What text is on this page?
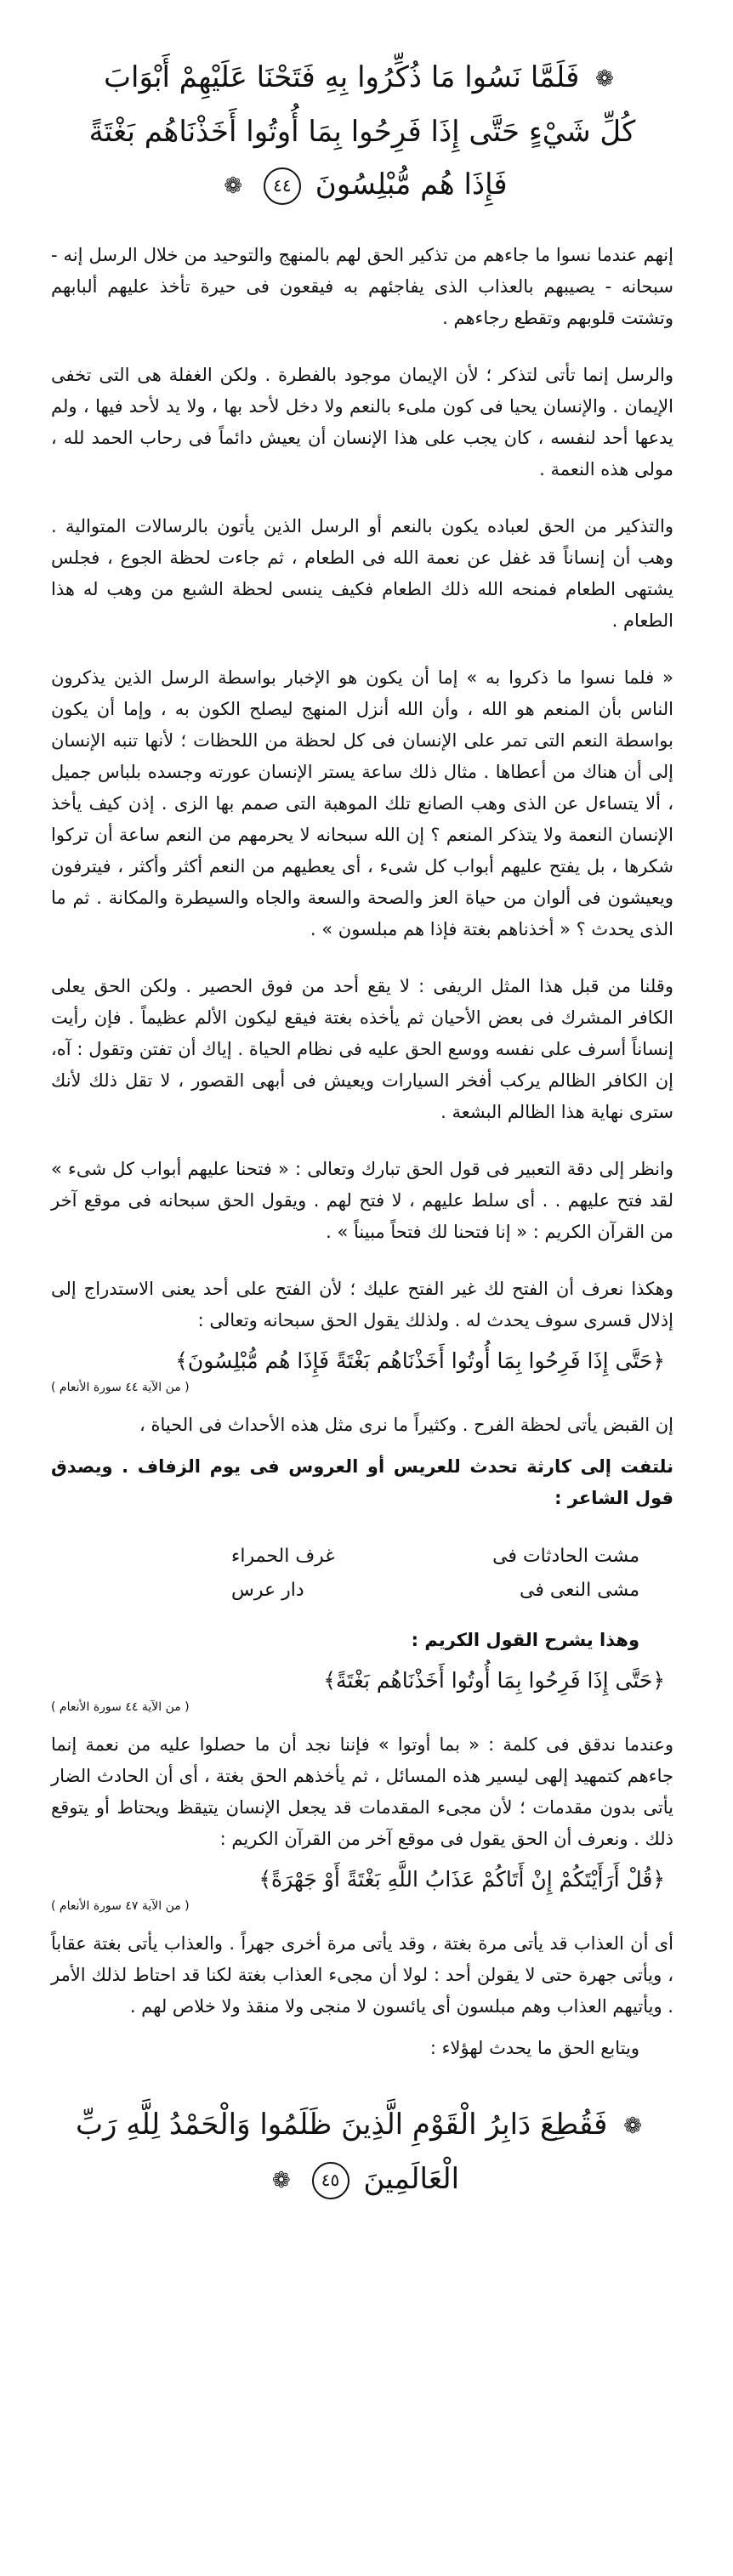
❁ فَلَمَّا نَسُوا مَا ذُكِّرُوا بِهِ فَتَحْنَا عَلَيْهِمْ أَبْوَابَ
كُلِّ شَيْءٍ حَتَّى إِذَا فَرِحُوا بِمَا أُوتُوا أَخَذْنَاهُم بَغْتَةً
فَإِذَا هُم مُّبْلِسُونَ ٤٤ ❁

إنهم عندما نسوا ما جاءهم من تذكير الحق لهم بالمنهج والتوحيد من خلال الرسل إنه - سبحانه - يصيبهم بالعذاب الذى يفاجئهم به فيقعون فى حيرة تأخذ عليهم ألبابهم وتشتت قلوبهم وتقطع رجاءهم .

والرسل إنما تأتى لتذكر ؛ لأن الإيمان موجود بالفطرة . ولكن الغفلة هى التى تخفى الإيمان . والإنسان يحيا فى كون ملىء بالنعم ولا دخل لأحد بها ، ولا يد لأحد فيها ، ولم يدعها أحد لنفسه ، كان يجب على هذا الإنسان أن يعيش دائماً فى رحاب الحمد لله ، مولى هذه النعمة .

والتذكير من الحق لعباده يكون بالنعم أو الرسل الذين يأتون بالرسالات المتوالية . وهب أن إنساناً قد غفل عن نعمة الله فى الطعام ، ثم جاءت لحظة الجوع ، فجلس يشتهى الطعام فمنحه الله ذلك الطعام فكيف ينسى لحظة الشبع من وهب له هذا الطعام .

« فلما نسوا ما ذكروا به » إما أن يكون هو الإخبار بواسطة الرسل الذين يذكرون الناس بأن المنعم هو الله ، وأن الله أنزل المنهج ليصلح الكون به ، وإما أن يكون بواسطة النعم التى تمر على الإنسان فى كل لحظة من اللحظات ؛ لأنها تنبه الإنسان إلى أن هناك من أعطاها . مثال ذلك ساعة يستر الإنسان عورته وجسده بلباس جميل ، ألا يتساءل عن الذى وهب الصانع تلك الموهبة التى صمم بها الزى . إذن كيف يأخذ الإنسان النعمة ولا يتذكر المنعم ؟ إن الله سبحانه لا يحرمهم من النعم ساعة أن تركوا شكرها ، بل يفتح عليهم أبواب كل شىء ، أى يعطيهم من النعم أكثر وأكثر ، فيترفون ويعيشون فى ألوان من حياة العز والصحة والسعة والجاه والسيطرة والمكانة . ثم ما الذى يحدث ؟ « أخذناهم بغتة فإذا هم مبلسون » .

وقلنا من قبل هذا المثل الريفى : لا يقع أحد من فوق الحصير . ولكن الحق يعلى الكافر المشرك فى بعض الأحيان ثم يأخذه بغتة فيقع ليكون الألم عظيماً . فإن رأيت إنساناً أسرف على نفسه ووسع الحق عليه فى نظام الحياة . إياك أن تفتن وتقول : آه، إن الكافر الظالم يركب أفخر السيارات ويعيش فى أبهى القصور ، لا تقل ذلك لأنك سترى نهاية هذا الظالم البشعة .

وانظر إلى دقة التعبير فى قول الحق تبارك وتعالى : « فتحنا عليهم أبواب كل شىء » لقد فتح عليهم . . أى سلط عليهم ، لا فتح لهم . ويقول الحق سبحانه فى موقع آخر من القرآن الكريم : « إنا فتحنا لك فتحاً مبيناً » .

وهكذا نعرف أن الفتح لك غير الفتح عليك ؛ لأن الفتح على أحد يعنى الاستدراج إلى إذلال قسرى سوف يحدث له . ولذلك يقول الحق سبحانه وتعالى :

﴿حَتَّى إِذَا فَرِحُوا بِمَا أُوتُوا أَخَذْنَاهُم بَغْتَةً فَإِذَا هُم مُّبْلِسُونَ﴾
( من الآية ٤٤ سورة الأنعام )

إن القبض يأتى لحظة الفرح . وكثيراً ما نرى مثل هذه الأحداث فى الحياة ،

نلتفت إلى كارثة تحدث للعريس أو العروس فى يوم الزفاف . ويصدق قول الشاعر :

مشت الحادثات فى
غرف الحمراء
مشى النعى فى
دار عرس

وهذا يشرح القول الكريم :

﴿حَتَّى إِذَا فَرِحُوا بِمَا أُوتُوا أَخَذْنَاهُم بَغْتَةً﴾
( من الآية ٤٤ سورة الأنعام )

وعندما ندقق فى كلمة : « بما أوتوا » فإننا نجد أن ما حصلوا عليه من نعمة إنما جاءهم كتمهيد إلهى ليسير هذه المسائل ، ثم يأخذهم الحق بغتة ، أى أن الحادث الضار يأتى بدون مقدمات ؛ لأن مجىء المقدمات قد يجعل الإنسان يتيقظ ويحتاط أو يتوقع ذلك . ونعرف أن الحق يقول فى موقع آخر من القرآن الكريم :

﴿قُلْ أَرَأَيْتَكُمْ إِنْ أَتَاكُمْ عَذَابُ اللَّهِ بَغْتَةً أَوْ جَهْرَةً﴾
( من الآية ٤٧ سورة الأنعام )

أى أن العذاب قد يأتى مرة بغتة ، وقد يأتى مرة أخرى جهراً . والعذاب يأتى بغتة عقاباً ، ويأتى جهرة حتى لا يقولن أحد : لولا أن مجىء العذاب بغتة لكنا قد احتاط لذلك الأمر . ويأتيهم العذاب وهم مبلسون أى يائسون لا منجى ولا منقذ ولا خلاص لهم .

ويتابع الحق ما يحدث لهؤلاء :

❁ فَقُطِعَ دَابِرُ الْقَوْمِ الَّذِينَ ظَلَمُوا وَالْحَمْدُ لِلَّهِ رَبِّ
الْعَالَمِينَ ٤٥ ❁
